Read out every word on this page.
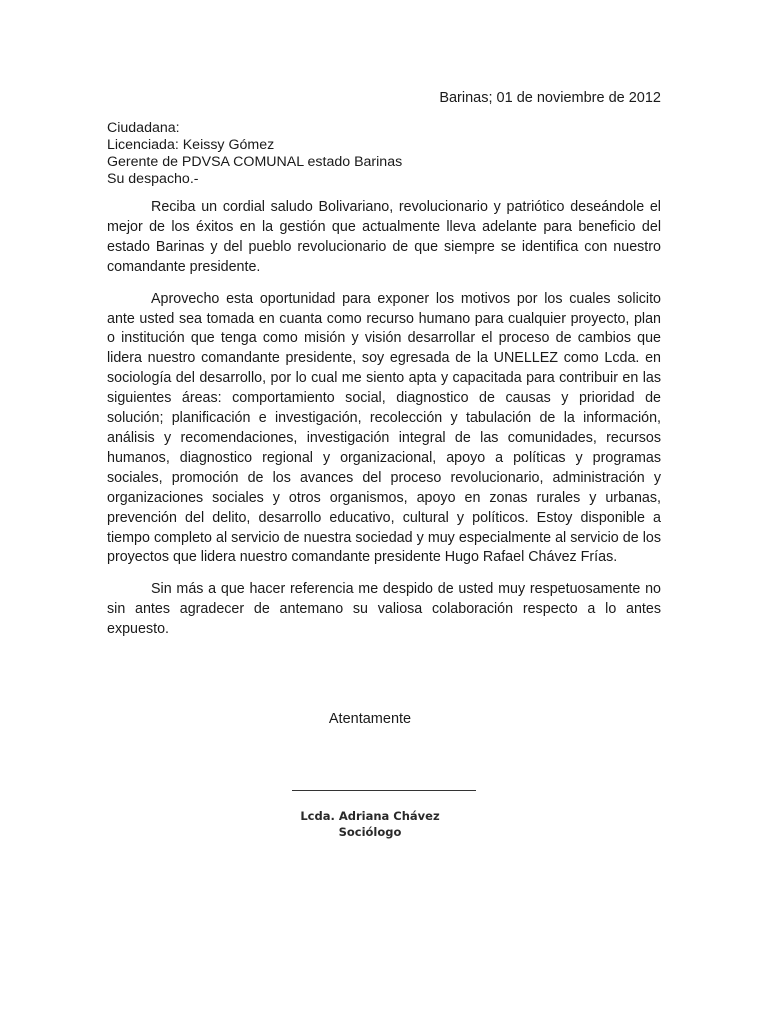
Barinas; 01 de noviembre de 2012
Ciudadana:
Licenciada: Keissy Gómez
Gerente de PDVSA COMUNAL estado Barinas
Su despacho.-

Reciba un cordial saludo Bolivariano, revolucionario y patriótico deseándole el mejor de los éxitos en la gestión que actualmente lleva adelante para beneficio del estado Barinas y del pueblo revolucionario de que siempre se identifica con nuestro comandante presidente.

Aprovecho esta oportunidad para exponer los motivos por los cuales solicito ante usted sea tomada en cuanta como recurso humano para cualquier proyecto, plan o institución que tenga como misión y visión desarrollar el proceso de cambios que lidera nuestro comandante presidente, soy egresada de la UNELLEZ como Lcda. en sociología del desarrollo, por lo cual me siento apta y capacitada para contribuir en las siguientes áreas: comportamiento social, diagnostico de causas y prioridad de solución; planificación e investigación, recolección y tabulación de la información, análisis y recomendaciones, investigación integral de las comunidades, recursos humanos, diagnostico regional y organizacional, apoyo a políticas y programas sociales, promoción de los avances del proceso revolucionario, administración y organizaciones sociales y otros organismos, apoyo en zonas rurales y urbanas, prevención del delito, desarrollo educativo, cultural y políticos. Estoy disponible a tiempo completo al servicio de nuestra sociedad y muy especialmente al servicio de los proyectos que lidera nuestro comandante presidente Hugo Rafael Chávez Frías.

Sin más a que hacer referencia me despido de usted muy respetuosamente no sin antes agradecer de antemano su valiosa colaboración respecto a lo antes expuesto.

Atentamente
Lcda. Adriana Chávez
Sociólogo
